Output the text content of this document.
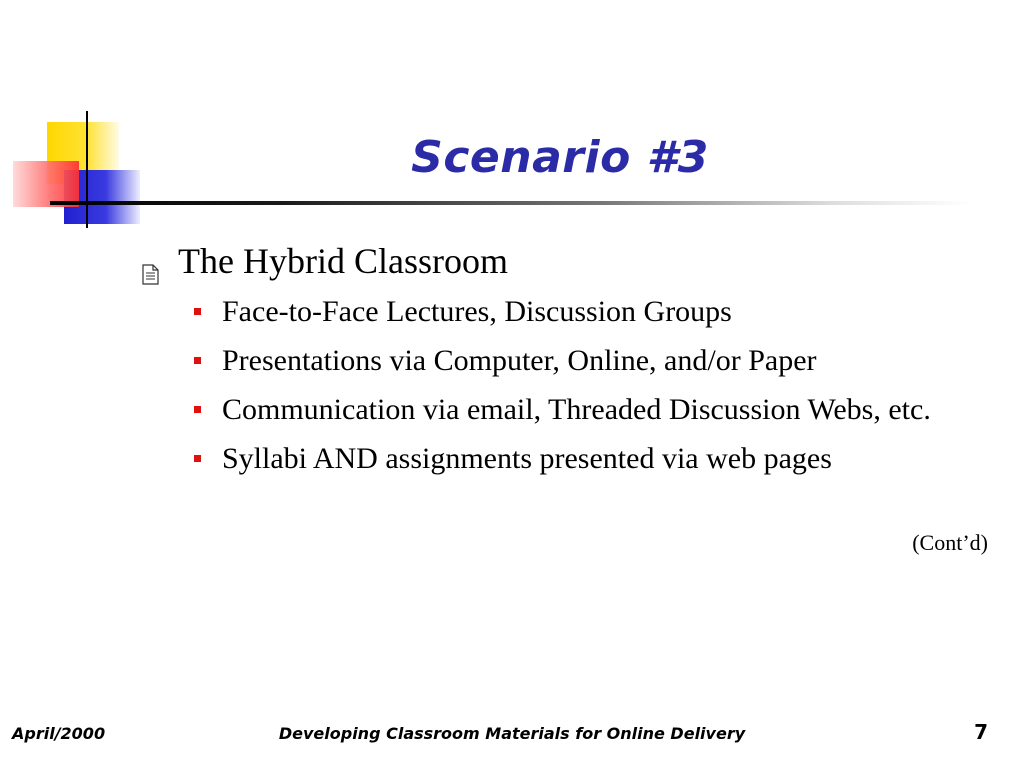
Scenario #3
The Hybrid Classroom
Face-to-Face Lectures, Discussion Groups
Presentations via Computer, Online, and/or Paper
Communication via email, Threaded Discussion Webs, etc.
Syllabi AND assignments presented via web pages
(Cont’d)
Developing Classroom Materials for Online Delivery
April/2000	7
